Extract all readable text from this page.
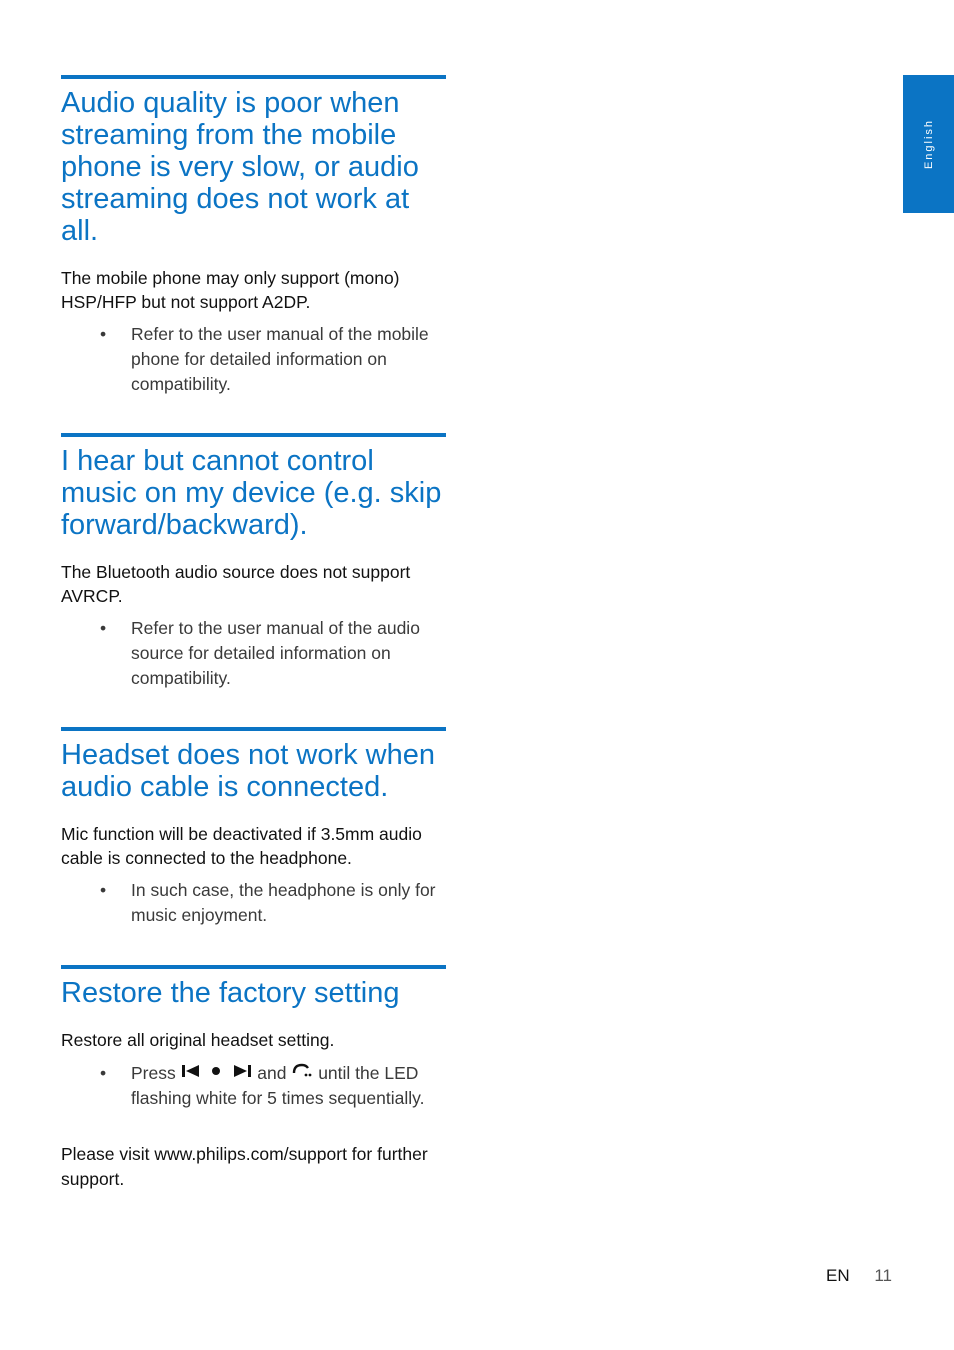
English
Audio quality is poor when streaming from the mobile phone is very slow, or audio streaming does not work at all.

The mobile phone may only support (mono) HSP/HFP but not support A2DP.

• Refer to the user manual of the mobile phone for detailed information on compatibility.
I hear but cannot control music on my device (e.g. skip forward/backward).

The Bluetooth audio source does not support AVRCP.

• Refer to the user manual of the audio source for detailed information on compatibility.
Headset does not work when audio cable is connected.

Mic function will be deactivated if 3.5mm audio cable is connected to the headphone.

• In such case, the headphone is only for music enjoyment.
Restore the factory setting

Restore all original headset setting.

• Press	and until the LED flashing white for 5 times sequentially.

Please visit www.philips.com/support for further support.

EN 11
